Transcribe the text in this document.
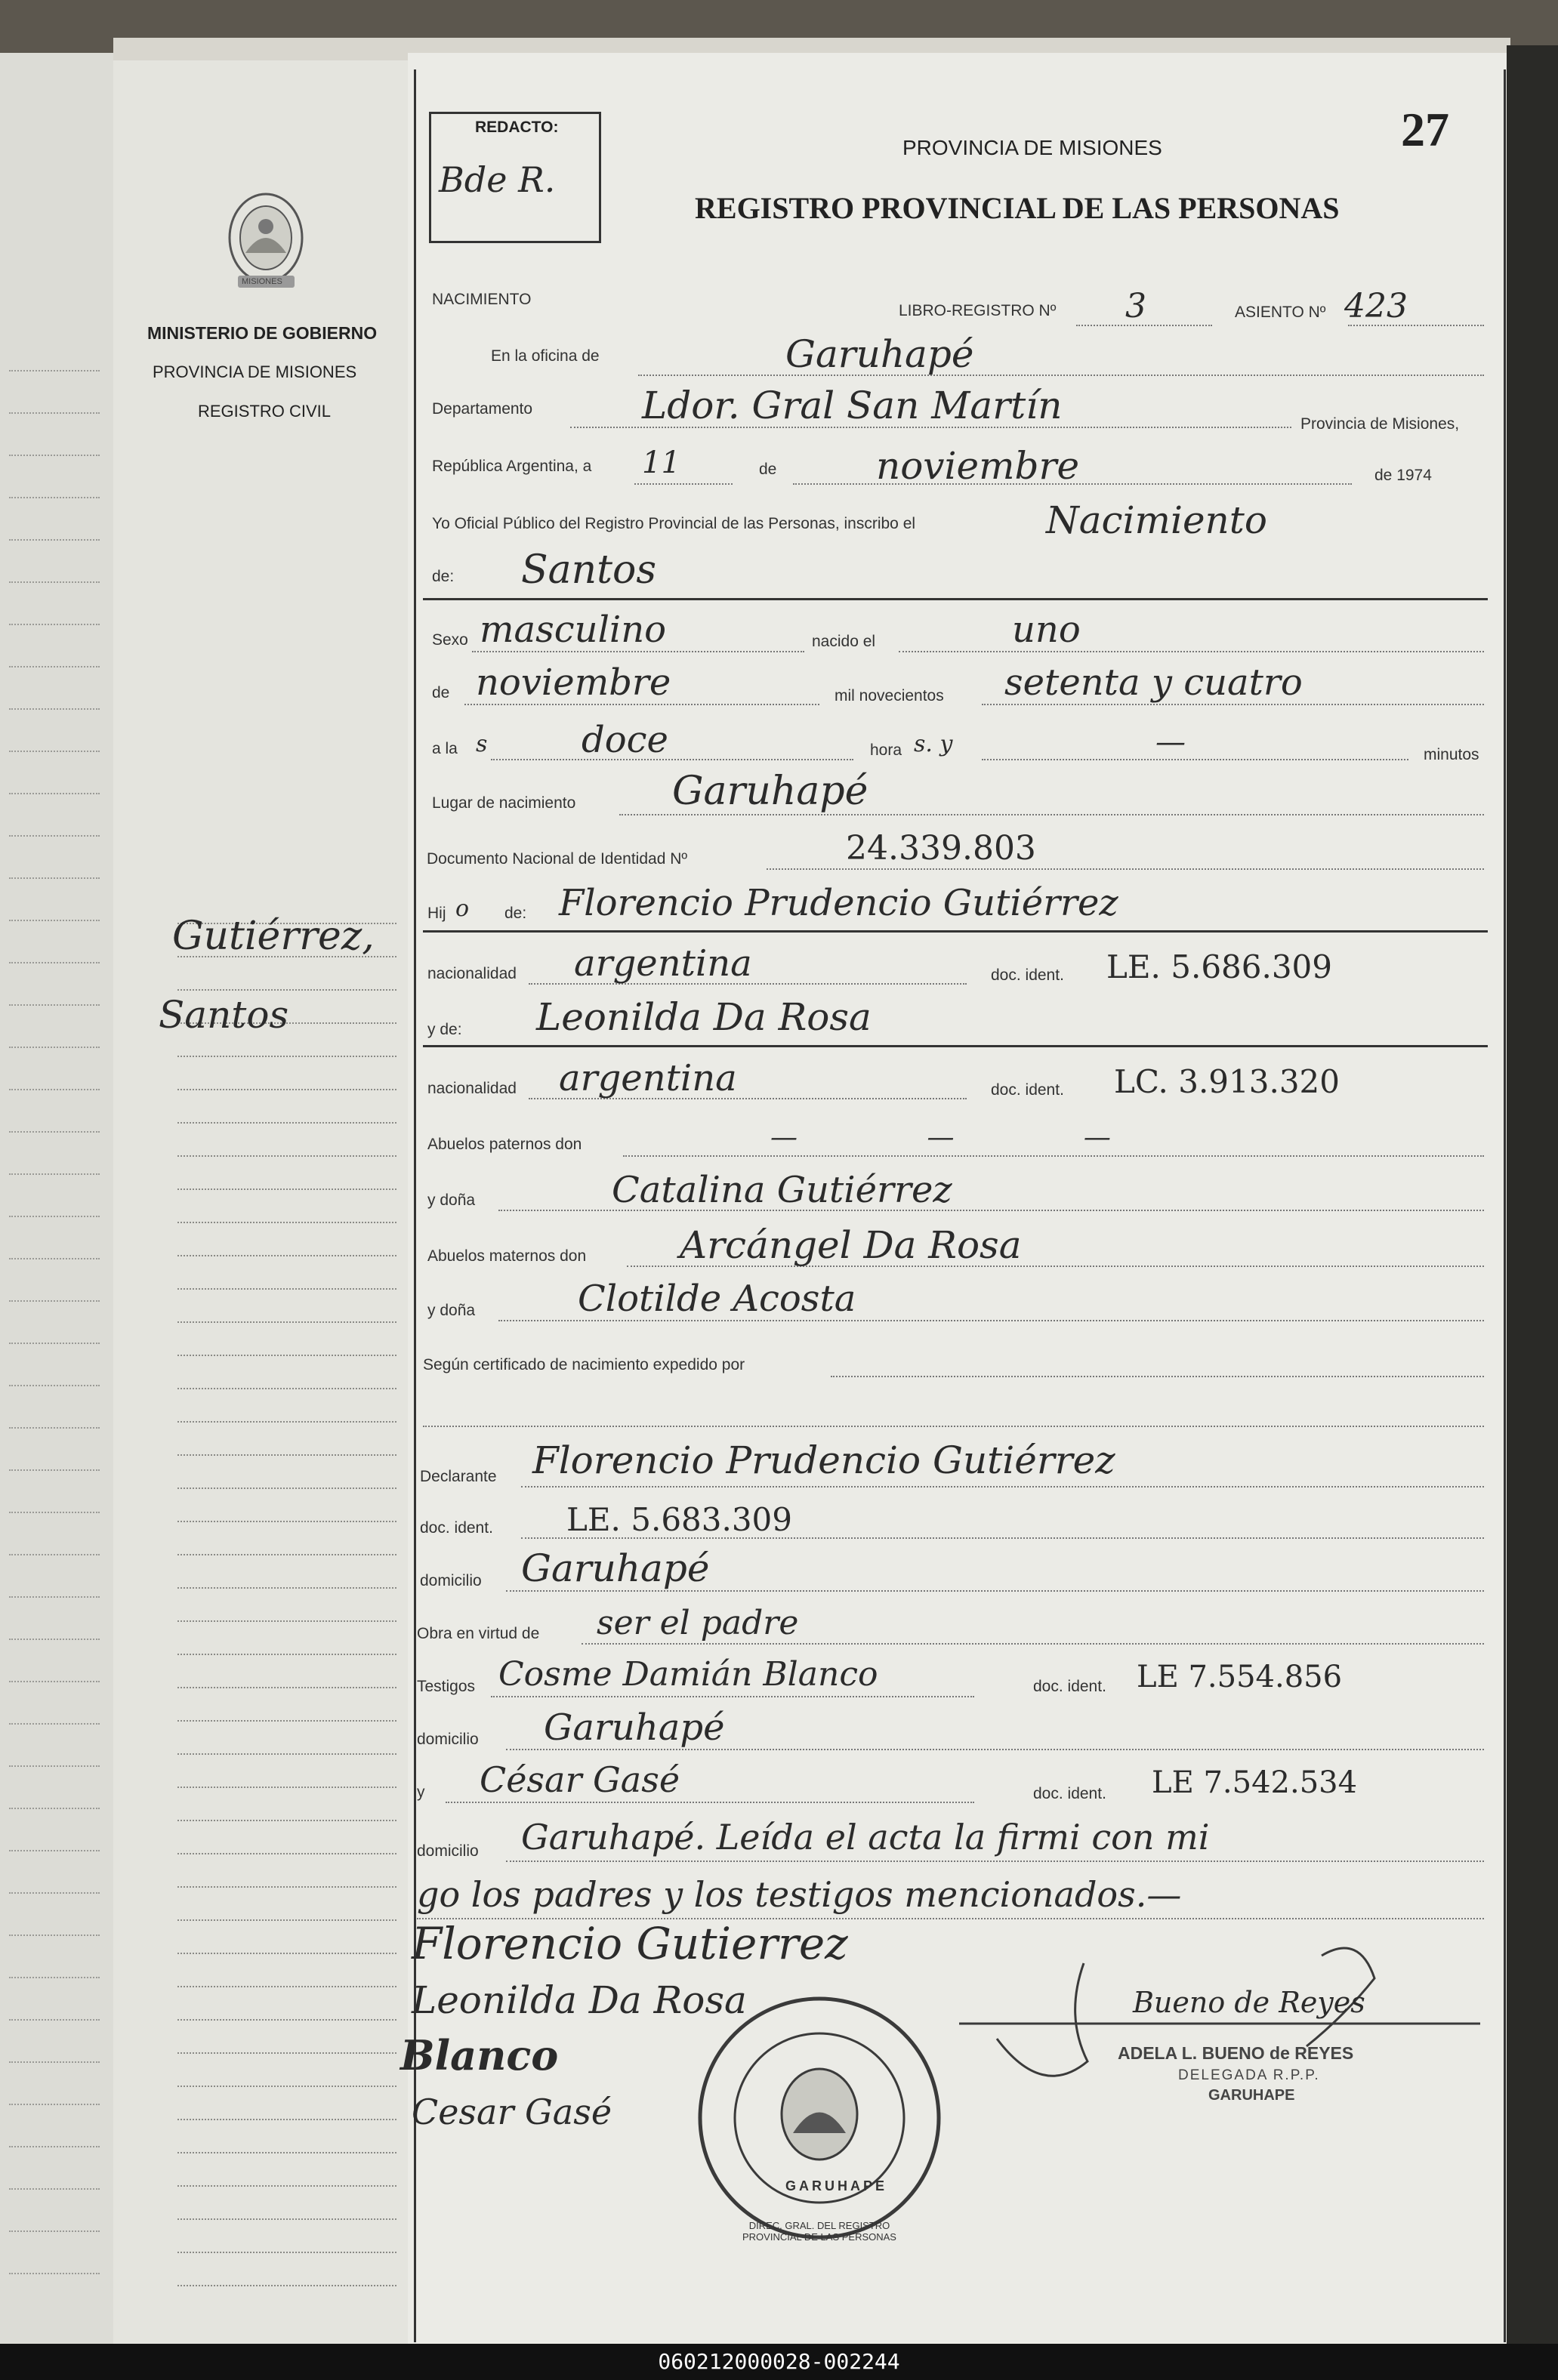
MISIONES
MINISTERIO DE GOBIERNO
PROVINCIA DE MISIONES
REGISTRO CIVIL
Gutiérrez,
Santos
REDACTO:
Bde R.
27
PROVINCIA DE MISIONES
REGISTRO PROVINCIAL DE LAS PERSONAS
NACIMIENTO
LIBRO-REGISTRO Nº 3	ASIENTO Nº 423
En la oficina de	Garuhapé
Departamento	Ldor. Gral San Martín	Provincia de Misiones,
República Argentina, a 11	de	noviembre	de 1974
Yo Oficial Público del Registro Provincial de las Personas, inscribo el	Nacimiento
de: Santos
Sexo masculino	nacido el	uno
de noviembre	mil novecientos setenta y cuatro
a la s	doce	hora s. y	—	minutos
Lugar de nacimiento Garuhapé
Documento Nacional de Identidad Nº	24.339.803
Hij o de: Florencio Prudencio Gutiérrez
nacionalidad argentina	doc. ident. LE. 5.686.309
y de: Leonilda Da Rosa
nacionalidad argentina	doc. ident. LC. 3.913.320
Abuelos paternos don	— — —
y doña	Catalina Gutiérrez
Abuelos maternos don Arcángel Da Rosa
y doña	Clotilde Acosta
Según certificado de nacimiento expedido por
Declarante Florencio Prudencio Gutiérrez
doc. ident. LE. 5.683.309
domicilio Garuhapé
Obra en virtud de ser el padre
Testigos Cosme Damián Blanco	doc. ident. LE 7.554.856
domicilio Garuhapé
y César Gasé	doc. ident. LE 7.542.534
domicilio Garuhapé. Leída el acta la firmi con mi
go los padres y los testigos mencionados.—
Florencio Gutierrez
Leonilda Da Rosa
Blanco
Cesar Gasé
Bueno de Reyes
ADELA L. BUENO de REYES
DELEGADA R.P.P.
GARUHAPE
DIREC. GRAL. DEL REGISTRO PROVINCIAL DE LAS PERSONAS
GARUHAPE
060212000028-002244
